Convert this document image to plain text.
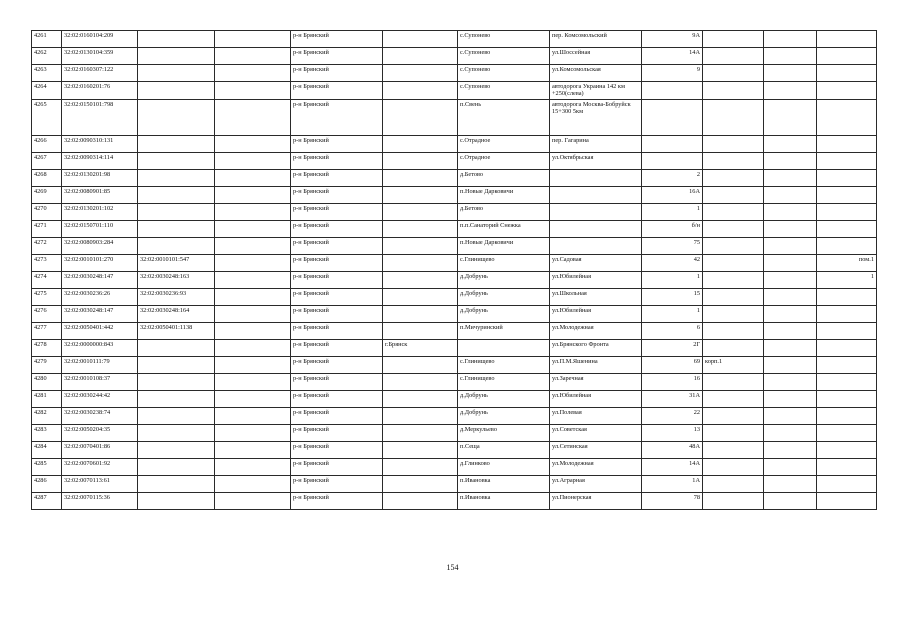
4261	32:02:0160104:209			р-н Брянский		с.Супонево	пер. Комсомольский	9А			
4262	32:02:0130104:359			р-н Брянский		с.Супонево	ул.Шоссейная	14А			
4263	32:02:0160307:122			р-н Брянский		с.Супонево	ул.Комсомольская	9			
4264	32:02:0160201:76			р-н Брянский		с.Супонево	автодорога Украина 142 км +250(слева)				
4265	32:02:0150101:798			р-н Брянский		п.Свень	автодорога Москва-Бобруйск 15+300 5км				
4266	32:02:0090310:131			р-н Брянский		с.Отрадное	пер. Гагарина				
4267	32:02:0090314:114			р-н Брянский		с.Отрадное	ул.Октябрьская				
4268	32:02:0130201:98			р-н Брянский		д.Бетово		2			
4269	32:02:0080901:85			р-н Брянский		п.Новые Дарковичи		16А			
4270	32:02:0130201:102			р-н Брянский		д.Бетово		1			
4271	32:02:0150701:110			р-н Брянский		п.п.Санаторий Снежка		б/н			
4272	32:02:0080903:284			р-н Брянский		п.Новые Дарковичи		75			
4273	32:02:0010101:270	32:02:0010101:547		р-н Брянский		с.Глинищево	ул.Садовая	42			пом.1
4274	32:02:0030248:147	32:02:0030248:163		р-н Брянский		д.Добрунь	ул.Юбилейная	1			1
4275	32:02:0030236:26	32:02:0030236:93		р-н Брянский		д.Добрунь	ул.Школьная	15			
4276	32:02:0030248:147	32:02:0030248:164		р-н Брянский		д.Добрунь	ул.Юбилейная	1			
4277	32:02:0050401:442	32:02:0050401:1138		р-н Брянский		п.Мичуринский	ул.Молодежная	6			
4278	32:02:0000000:843			р-н Брянский	г.Брянск		ул.Брянского Фронта	2Г			
4279	32:02:0010111:79			р-н Брянский		с.Глинищево	ул.П.М.Яшенина	69	корп.1		
4280	32:02:0010108:37			р-н Брянский		с.Глинищево	ул.Заречная	16			
4281	32:02:0030244:42			р-н Брянский		д.Добрунь	ул.Юбилейная	31А			
4282	32:02:0030238:74			р-н Брянский		д.Добрунь	ул.Полевая	22			
4283	32:02:0050204:35			р-н Брянский		д.Меркульево	ул.Советская	13			
4284	32:02:0070401:86			р-н Брянский		п.Сеща	ул.Сетинская	48А			
4285	32:02:0070601:92			р-н Брянский		д.Глинково	ул.Молодежная	14А			
4286	32:02:0070113:61			р-н Брянский		п.Ивановка	ул.Аграрная	1А			
4287	32:02:0070115:36			р-н Брянский		п.Ивановка	ул.Пионерская	78			
154
